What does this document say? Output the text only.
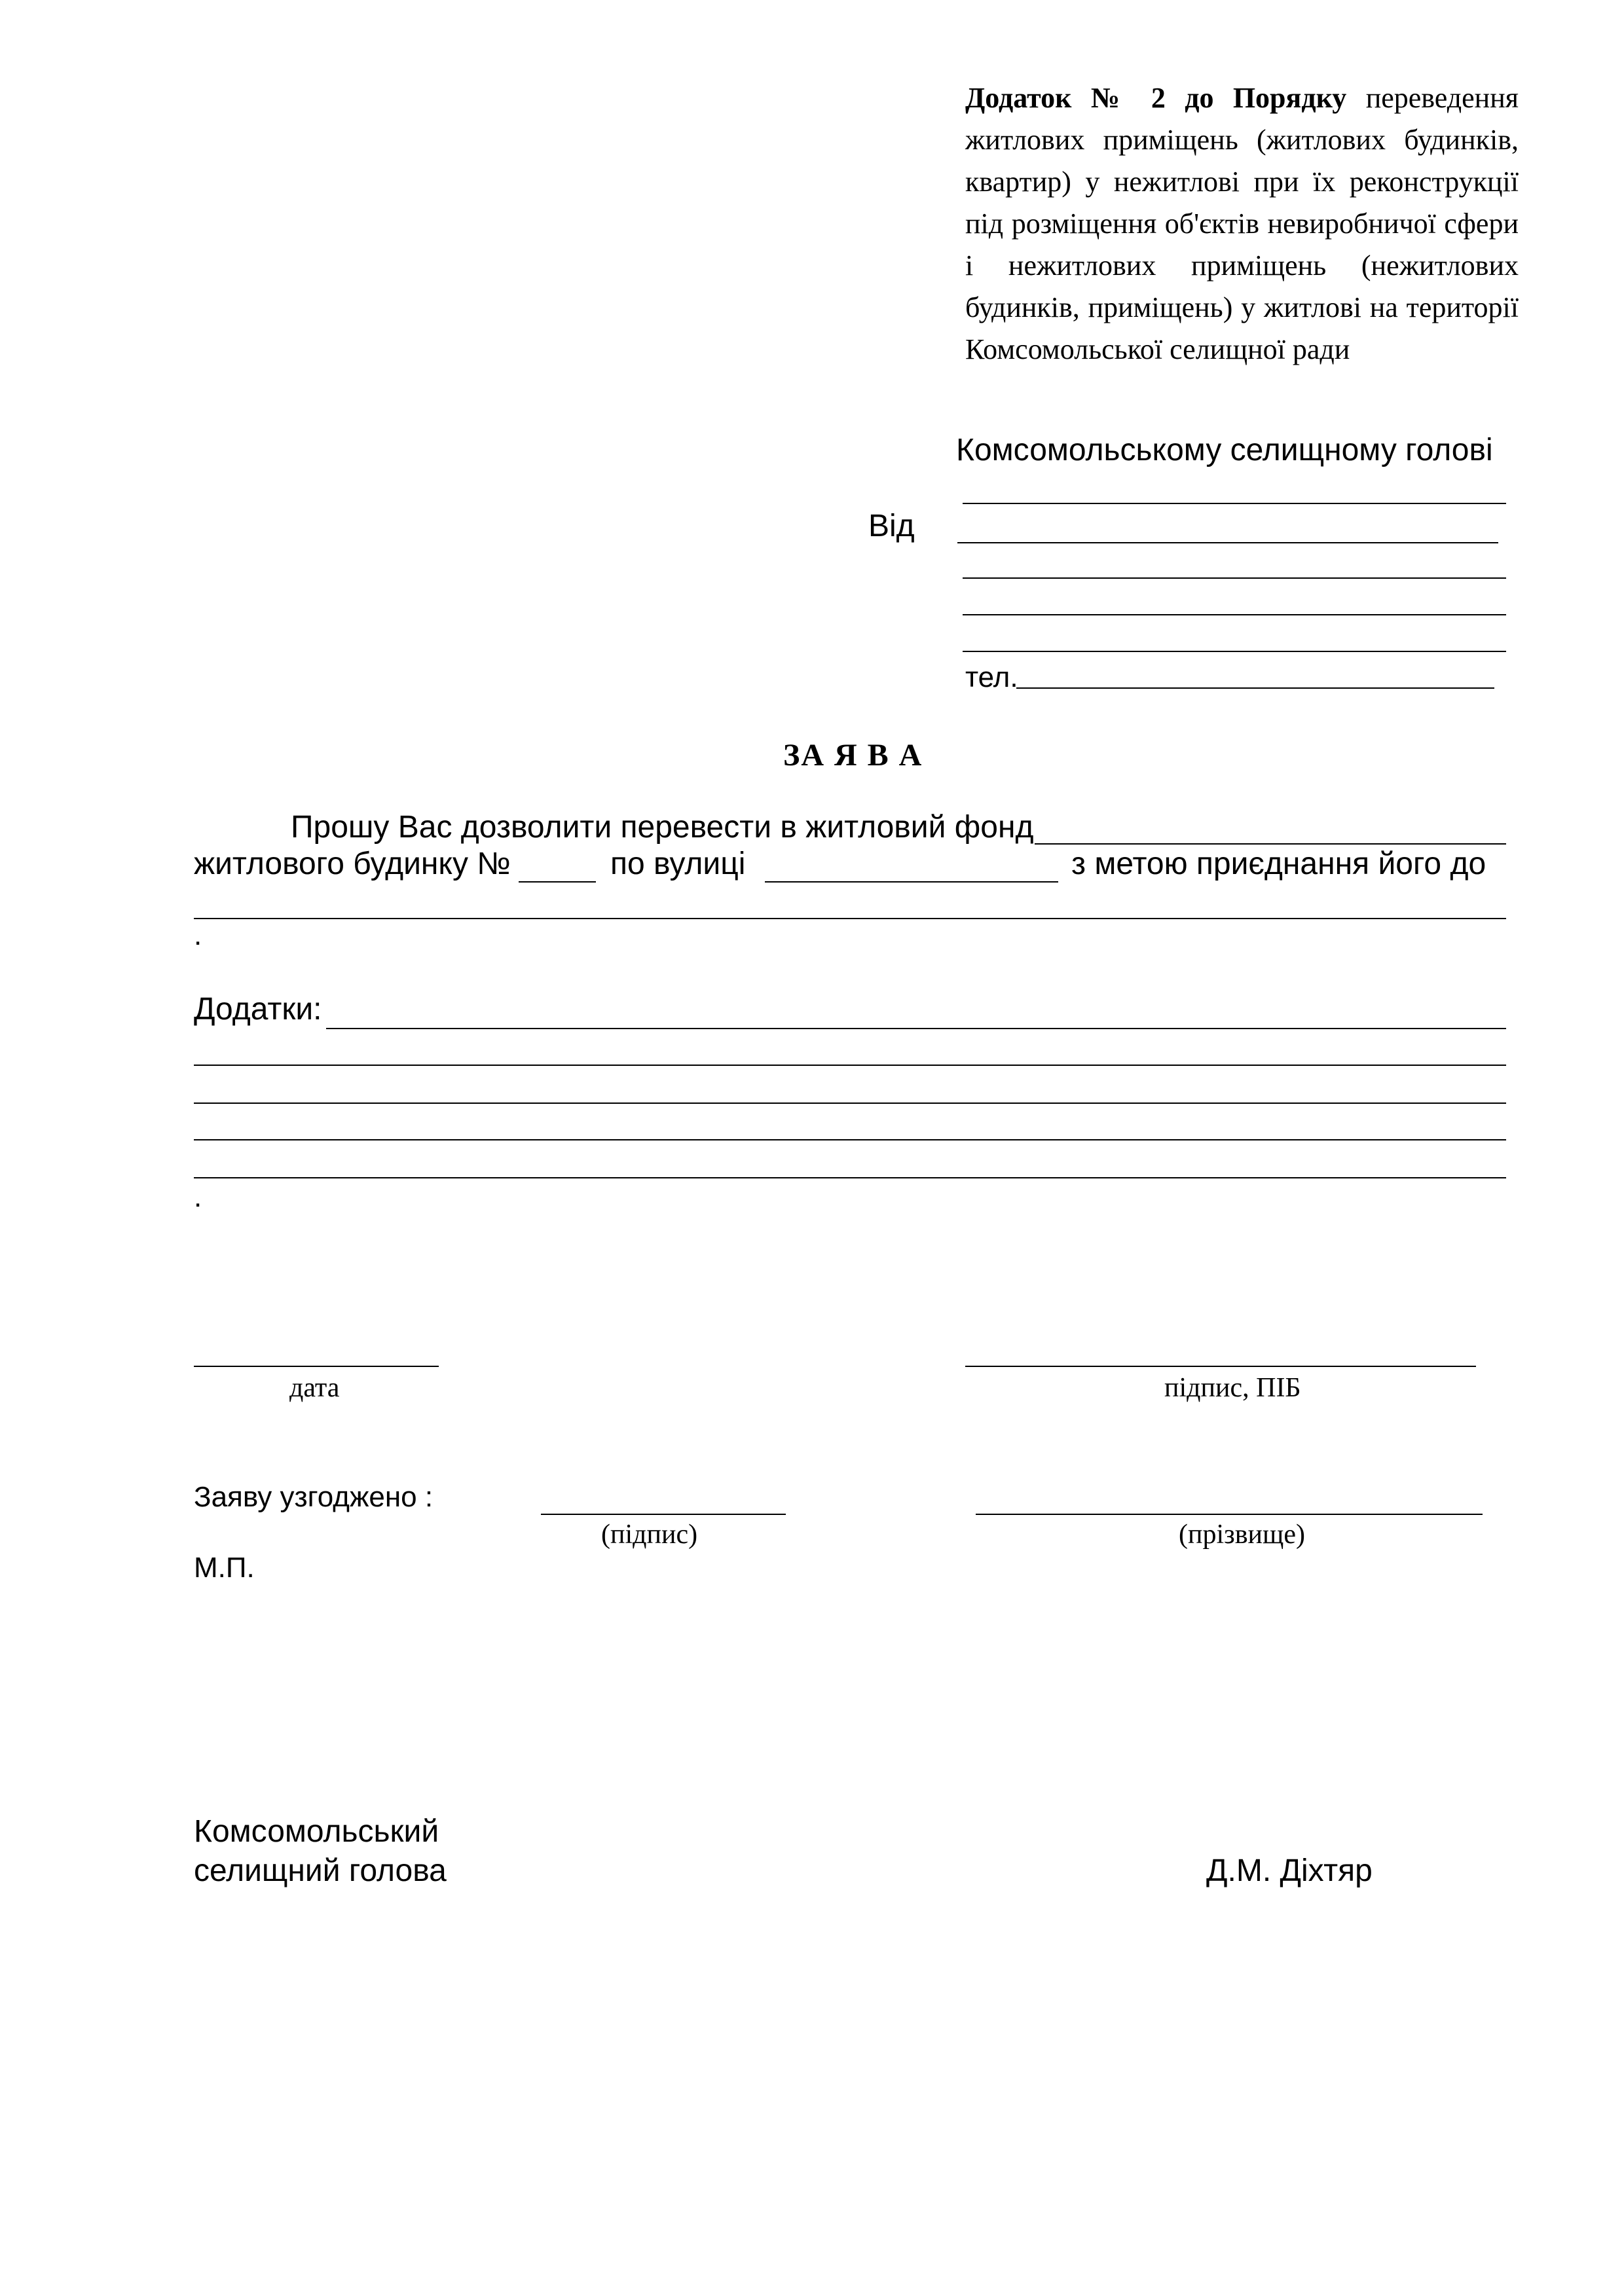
Додаток № 2 до Порядку переведення житлових приміщень (житлових будинків, квартир) у нежитлові при їх реконструкції під розміщення об'єктів невиробничої сфери і нежитлових приміщень (нежитлових будинків, приміщень) у житлові на території Комсомольської селищної ради
Комсомольському селищному голові
Від
тел.
ЗА Я В А
Прошу Вас дозволити перевести в житловий фонд
житлового будинку №	по вулиці	з метою приєднання його до
.
Додатки:
.
дата	підпис, ПІБ
Заяву узгоджено :
(підпис)	(прізвище)
М.П.
Комсомольський
селищний голова	Д.М. Діхтяр
